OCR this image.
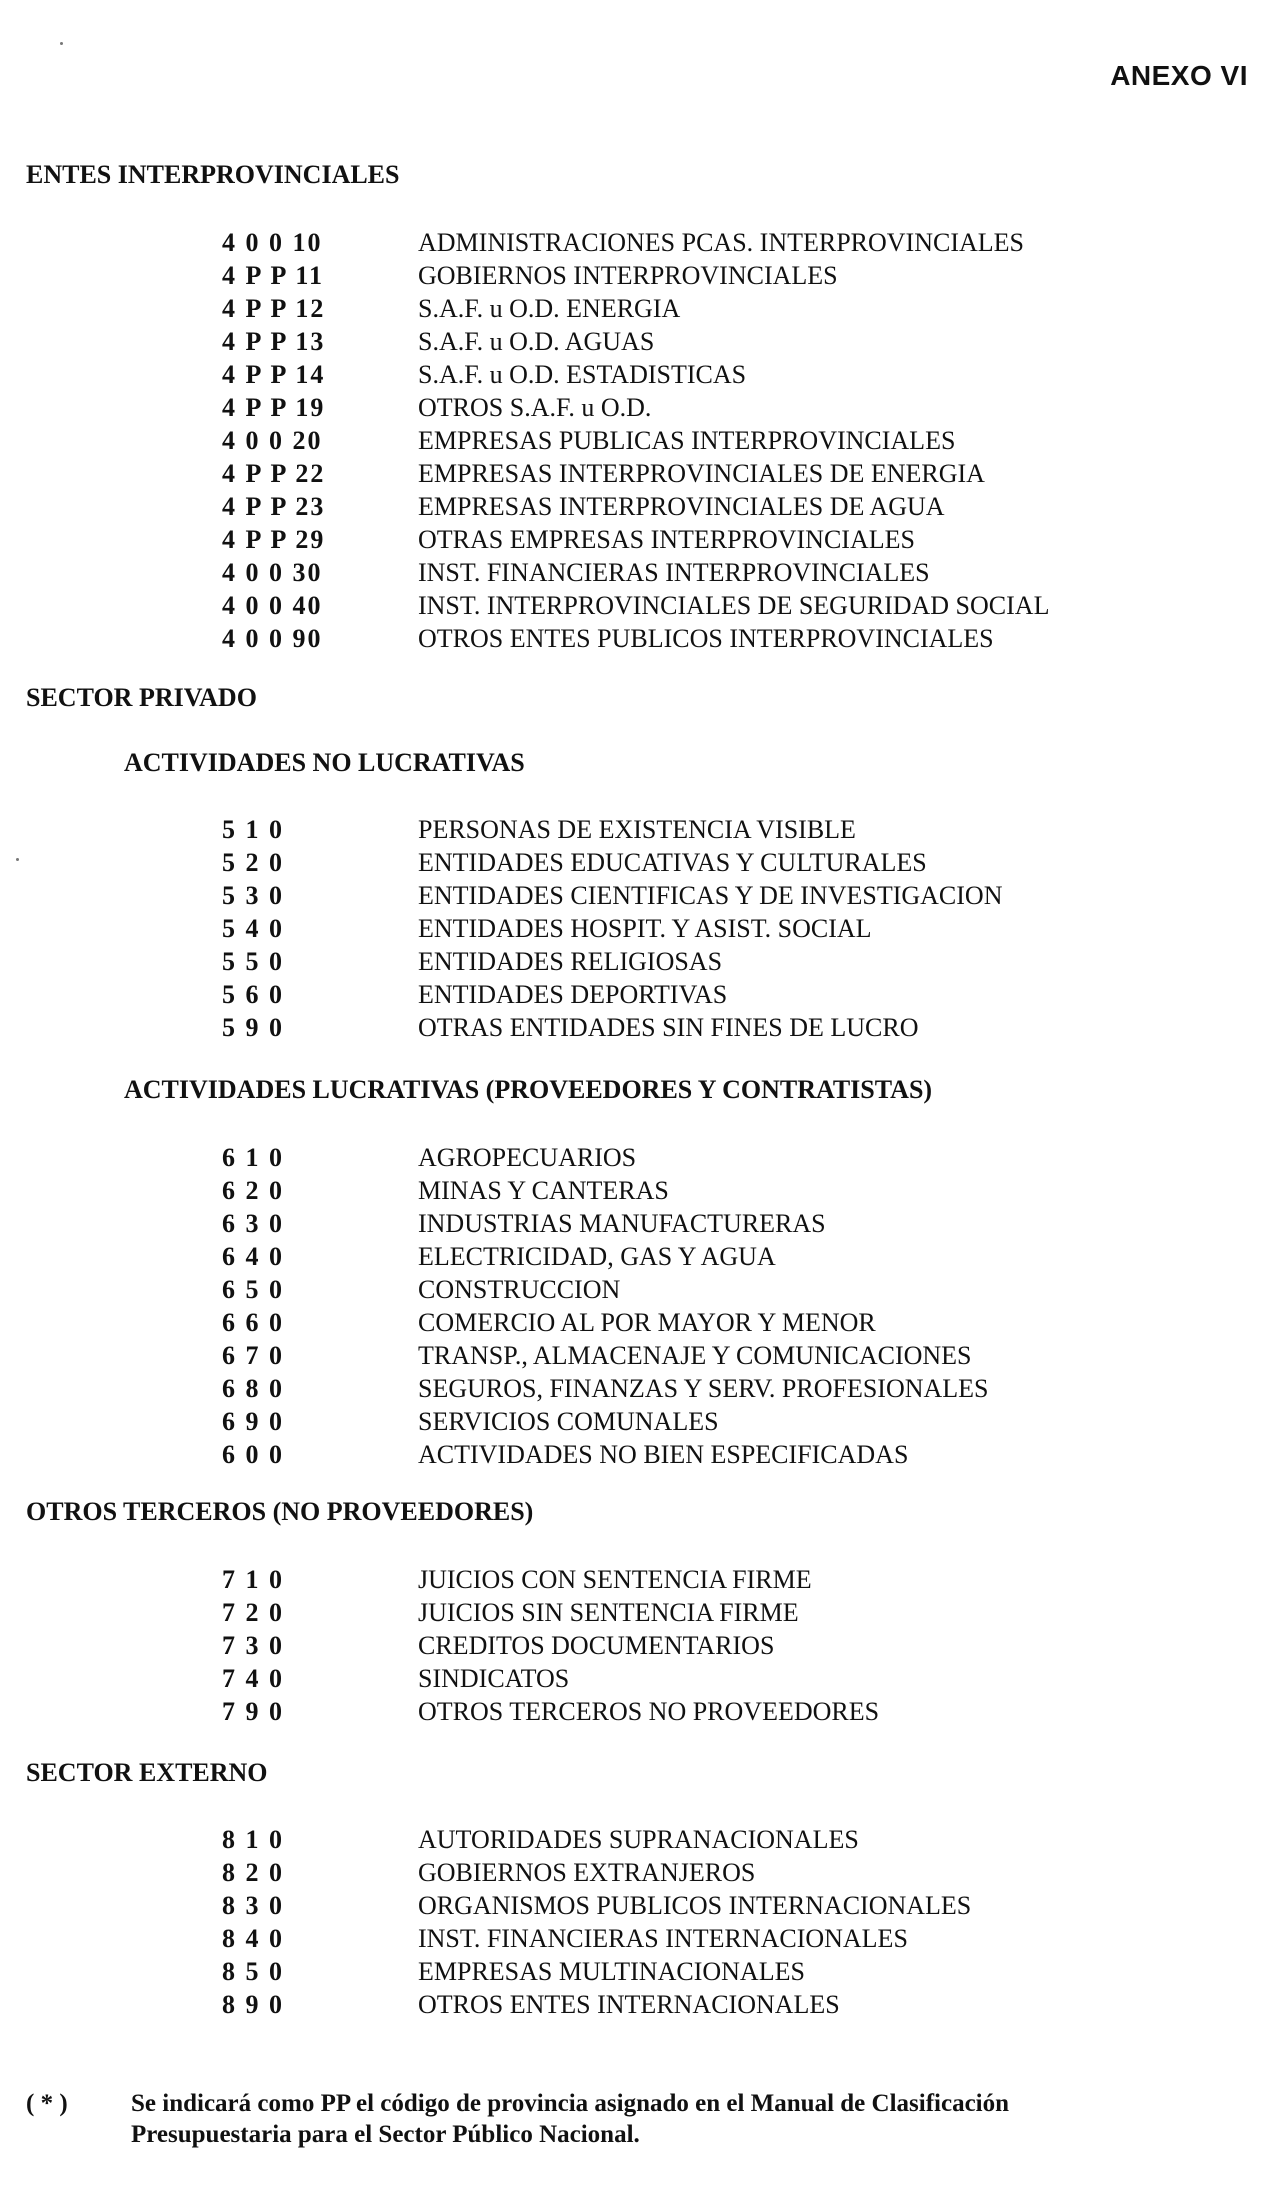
ANEXO VI
ENTES INTERPROVINCIALES
4 0 0 10	ADMINISTRACIONES PCAS. INTERPROVINCIALES
4 P P 11	GOBIERNOS INTERPROVINCIALES
4 P P 12	S.A.F. u O.D. ENERGIA
4 P P 13	S.A.F. u O.D. AGUAS
4 P P 14	S.A.F. u O.D. ESTADISTICAS
4 P P 19	OTROS S.A.F. u O.D.
4 0 0 20	EMPRESAS PUBLICAS INTERPROVINCIALES
4 P P 22	EMPRESAS INTERPROVINCIALES DE ENERGIA
4 P P 23	EMPRESAS INTERPROVINCIALES DE AGUA
4 P P 29	OTRAS EMPRESAS INTERPROVINCIALES
4 0 0 30	INST. FINANCIERAS INTERPROVINCIALES
4 0 0 40	INST. INTERPROVINCIALES DE SEGURIDAD SOCIAL
4 0 0 90	OTROS ENTES PUBLICOS INTERPROVINCIALES
SECTOR PRIVADO
ACTIVIDADES NO LUCRATIVAS
5 1 0	PERSONAS DE EXISTENCIA VISIBLE
5 2 0	ENTIDADES EDUCATIVAS Y CULTURALES
5 3 0	ENTIDADES CIENTIFICAS Y DE INVESTIGACION
5 4 0	ENTIDADES HOSPIT. Y ASIST. SOCIAL
5 5 0	ENTIDADES RELIGIOSAS
5 6 0	ENTIDADES DEPORTIVAS
5 9 0	OTRAS ENTIDADES SIN FINES DE LUCRO
ACTIVIDADES LUCRATIVAS (PROVEEDORES Y CONTRATISTAS)
6 1 0	AGROPECUARIOS
6 2 0	MINAS Y CANTERAS
6 3 0	INDUSTRIAS MANUFACTURERAS
6 4 0	ELECTRICIDAD, GAS Y AGUA
6 5 0	CONSTRUCCION
6 6 0	COMERCIO AL POR MAYOR Y MENOR
6 7 0	TRANSP., ALMACENAJE Y COMUNICACIONES
6 8 0	SEGUROS, FINANZAS Y SERV. PROFESIONALES
6 9 0	SERVICIOS COMUNALES
6 0 0	ACTIVIDADES NO BIEN ESPECIFICADAS
OTROS TERCEROS (NO PROVEEDORES)
7 1 0	JUICIOS CON SENTENCIA FIRME
7 2 0	JUICIOS SIN SENTENCIA FIRME
7 3 0	CREDITOS DOCUMENTARIOS
7 4 0	SINDICATOS
7 9 0	OTROS TERCEROS NO PROVEEDORES
SECTOR EXTERNO
8 1 0	AUTORIDADES SUPRANACIONALES
8 2 0	GOBIERNOS EXTRANJEROS
8 3 0	ORGANISMOS PUBLICOS INTERNACIONALES
8 4 0	INST. FINANCIERAS INTERNACIONALES
8 5 0	EMPRESAS MULTINACIONALES
8 9 0	OTROS ENTES INTERNACIONALES
( * )	Se indicará como PP el código de provincia asignado en el Manual de Clasificación Presupuestaria para el Sector Público Nacional.
